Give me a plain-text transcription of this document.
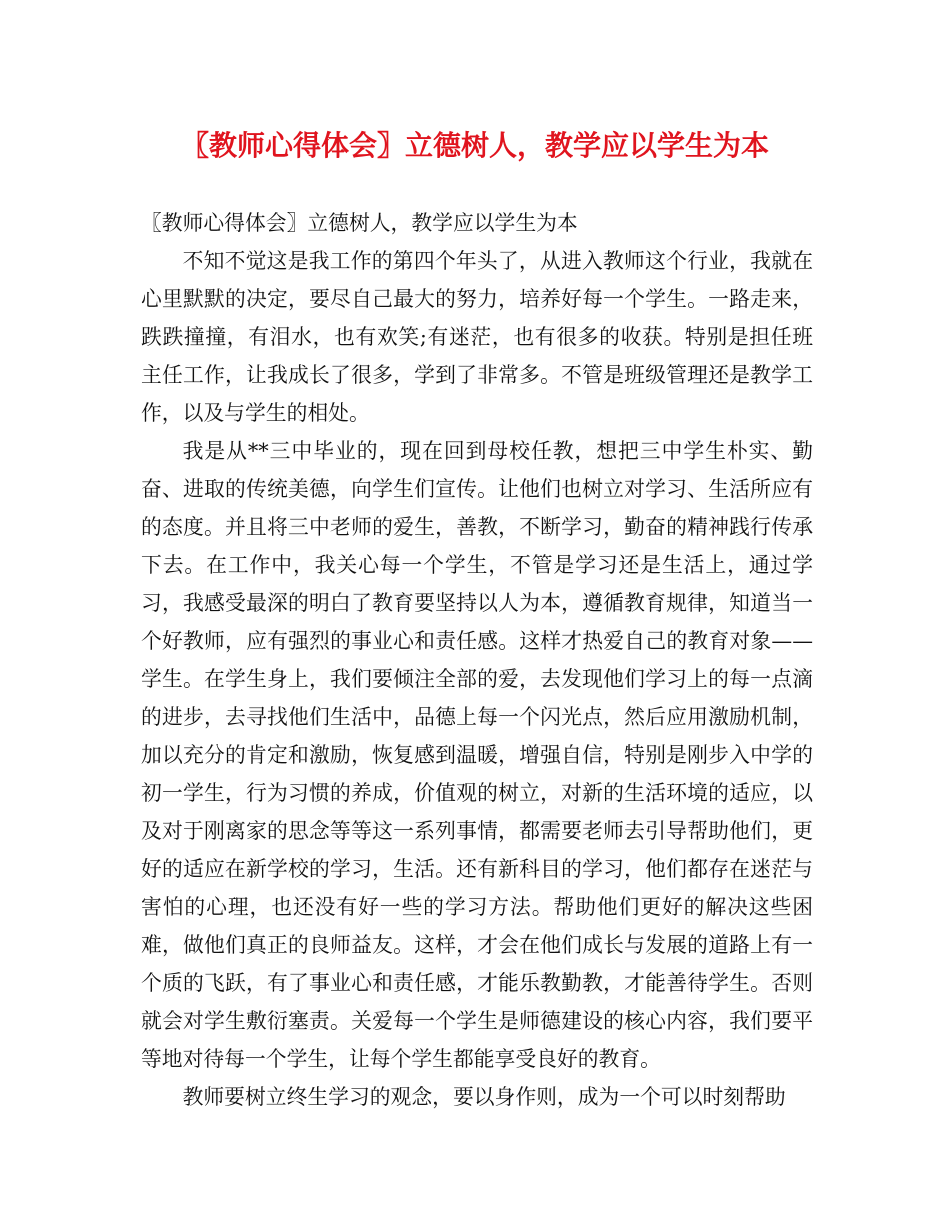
〖教师心得体会〗立德树人，教学应以学生为本

〖教师心得体会〗立德树人，教学应以学生为本

不知不觉这是我工作的第四个年头了，从进入教师这个行业，我就在心里默默的决定，要尽自己最大的努力，培养好每一个学生。一路走来，跌跌撞撞，有泪水，也有欢笑;有迷茫，也有很多的收获。特别是担任班主任工作，让我成长了很多，学到了非常多。不管是班级管理还是教学工作，以及与学生的相处。

我是从**三中毕业的，现在回到母校任教，想把三中学生朴实、勤奋、进取的传统美德，向学生们宣传。让他们也树立对学习、生活所应有的态度。并且将三中老师的爱生，善教，不断学习，勤奋的精神践行传承下去。在工作中，我关心每一个学生，不管是学习还是生活上，通过学习，我感受最深的明白了教育要坚持以人为本，遵循教育规律，知道当一个好教师，应有强烈的事业心和责任感。这样才热爱自己的教育对象——学生。在学生身上，我们要倾注全部的爱，去发现他们学习上的每一点滴的进步，去寻找他们生活中，品德上每一个闪光点，然后应用激励机制，加以充分的肯定和激励，恢复感到温暖，增强自信，特别是刚步入中学的初一学生，行为习惯的养成，价值观的树立，对新的生活环境的适应，以及对于刚离家的思念等等这一系列事情，都需要老师去引导帮助他们，更好的适应在新学校的学习，生活。还有新科目的学习，他们都存在迷茫与害怕的心理，也还没有好一些的学习方法。帮助他们更好的解决这些困难，做他们真正的良师益友。这样，才会在他们成长与发展的道路上有一个质的飞跃，有了事业心和责任感，才能乐教勤教，才能善待学生。否则就会对学生敷衍塞责。关爱每一个学生是师德建设的核心内容，我们要平等地对待每一个学生，让每个学生都能享受良好的教育。

教师要树立终生学习的观念，要以身作则，成为一个可以时刻帮助
